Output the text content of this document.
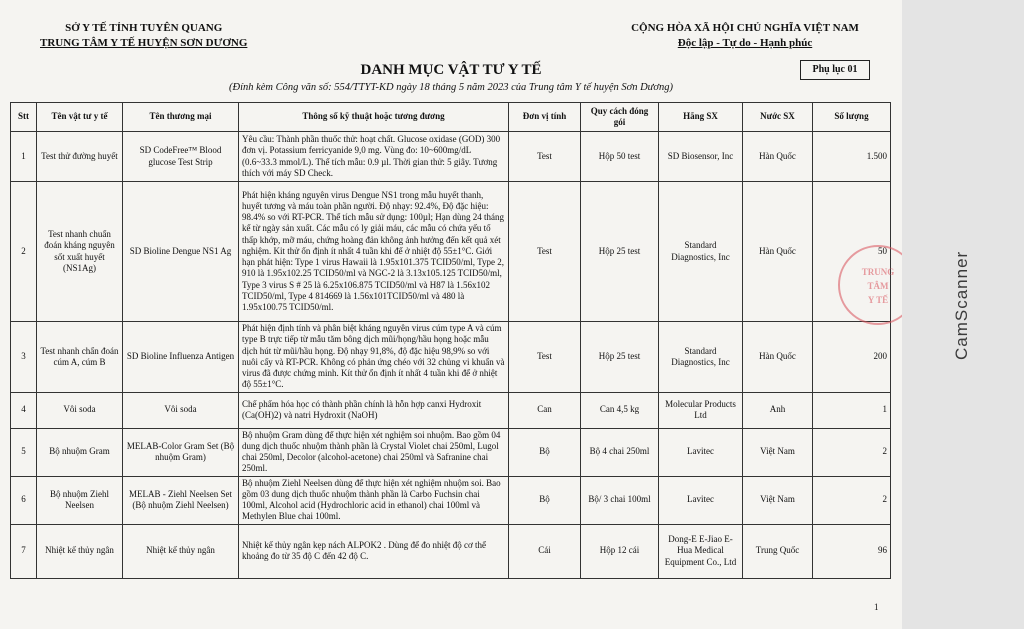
SỞ Y TẾ TỈNH TUYÊN QUANG
TRUNG TÂM Y TẾ HUYỆN SƠN DƯƠNG
CỘNG HÒA XÃ HỘI CHỦ NGHĨA VIỆT NAM
Độc lập - Tự do - Hạnh phúc
DANH MỤC VẬT TƯ Y TẾ
(Đính kèm Công văn số: 554/TTYT-KD ngày 18 tháng 5 năm 2023 của Trung tâm Y tế huyện Sơn Dương)
Phụ lục 01
Stt	Tên vật tư y tế	Tên thương mại	Thông số kỹ thuật hoặc tương đương	Đơn vị tính	Quy cách đóng gói	Hãng SX	Nước SX	Số lượng
1	Test thử đường huyết	SD CodeFree™ Blood glucose Test Strip	Yêu cầu: Thành phần thuốc thử: hoạt chất. Glucose oxidase (GOD) 300 đơn vị. Potassium ferricyanide 9,0 mg. Vùng đo: 10~600mg/dL (0.6~33.3 mmol/L). Thể tích mẫu: 0.9 µl. Thời gian thử: 5 giây. Tương thích với máy SD Check.	Test	Hộp 50 test	SD Biosensor, Inc	Hàn Quốc	1.500
2	Test nhanh chuẩn đoán kháng nguyên sốt xuất huyết (NS1Ag)	SD Bioline Dengue NS1 Ag	Phát hiện kháng nguyên virus Dengue NS1 trong mẫu huyết thanh, huyết tương và máu toàn phần người. Độ nhạy: 92.4%, Độ đặc hiệu: 98.4% so với RT-PCR. Thể tích mẫu sử dụng: 100µl; Hạn dùng 24 tháng kể từ ngày sản xuất. Các mẫu có ly giải máu, các mẫu có chứa yếu tố thấp khớp, mỡ máu, chứng hoàng đản không ảnh hưởng đến kết quả xét nghiệm. Kit thử ổn định ít nhất 4 tuần khi để ở nhiệt độ 55±1°C. Giới hạn phát hiện: Type 1 virus Hawaii là 1.95x101.375 TCID50/ml, Type 2, 910 là 1.95x102.25 TCID50/ml và NGC-2 là 3.13x105.125 TCID50/ml, Type 3 virus S # 25 là 6.25x106.875 TCID50/ml và H87 là 1.56x102 TCID50/ml, Type 4 814669 là 1.56x101TCID50/ml và 480 là 1.95x100.75 TCID50/ml.	Test	Hộp 25 test	Standard Diagnostics, Inc	Hàn Quốc	50
3	Test nhanh chẩn đoán cúm A, cúm B	SD Bioline Influenza Antigen	Phát hiện định tính và phân biệt kháng nguyên virus cúm type A và cúm type B trực tiếp từ mẫu tăm bông dịch mũi/họng/hầu họng hoặc mẫu dịch hút từ mũi/hầu họng. Độ nhạy 91,8%, độ đặc hiệu 98,9% so với nuôi cấy và RT-PCR. Không có phản ứng chéo với 32 chủng vi khuẩn và virus đã được chứng minh. Kít thử ổn định ít nhất 4 tuần khi để ở nhiệt độ 55±1°C.	Test	Hộp 25 test	Standard Diagnostics, Inc	Hàn Quốc	200
4	Vôi soda	Vôi soda	Chế phẩm hóa học có thành phần chính là hỗn hợp canxi Hydroxit (Ca(OH)2) và natri Hydroxit (NaOH)	Can	Can 4,5 kg	Molecular Products Ltd	Anh	1
5	Bộ nhuộm Gram	MELAB-Color Gram Set (Bộ nhuộm Gram)	Bộ nhuộm Gram dùng để thực hiện xét nghiệm soi nhuộm. Bao gồm 04 dung dịch thuốc nhuộm thành phần là Crystal Violet chai 250ml, Lugol chai 250ml, Decolor (alcohol-acetone) chai 250ml và Safranine chai 250ml.	Bộ	Bộ 4 chai 250ml	Lavitec	Việt Nam	2
6	Bộ nhuộm Ziehl Neelsen	MELAB - Ziehl Neelsen Set (Bộ nhuộm Ziehl Neelsen)	Bộ nhuộm Ziehl Neelsen dùng để thực hiện xét nghiệm nhuộm soi. Bao gồm 03 dung dịch thuốc nhuộm thành phần là Carbo Fuchsin chai 100ml, Alcohol acid (Hydrochloric acid in ethanol) chai 100ml và Methylen Blue chai 100ml.	Bộ	Bộ/ 3 chai 100ml	Lavitec	Việt Nam	2
7	Nhiệt kế thủy ngân	Nhiệt kế thủy ngân	Nhiệt kế thủy ngân kẹp nách ALPOK2 . Dùng để đo nhiệt độ cơ thể khoảng đo từ 35 độ C đến 42 độ C.	Cái	Hộp 12 cái	Dong-E E-Jiao E-Hua Medical Equipment Co., Ltd	Trung Quốc	96
TRUNG
TÂM
Y TẾ
1
CamScanner
